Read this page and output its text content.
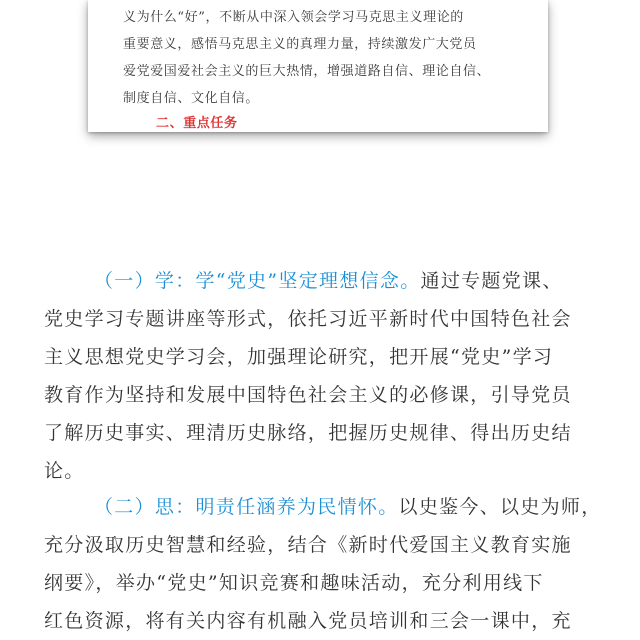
义为什么“好”，不断从中深入领会学习马克思主义理论的
重要意义，感悟马克思主义的真理力量，持续激发广大党员
爱党爱国爱社会主义的巨大热情，增强道路自信、理论自信、
制度自信、文化自信。
二、重点任务
（一）学：学“党史”坚定理想信念。通过专题党课、
党史学习专题讲座等形式，依托习近平新时代中国特色社会
主义思想党史学习会，加强理论研究，把开展“党史”学习
教育作为坚持和发展中国特色社会主义的必修课，引导党员
了解历史事实、理清历史脉络，把握历史规律、得出历史结
论。
（二）思：明责任涵养为民情怀。以史鉴今、以史为师，
充分汲取历史智慧和经验，结合《新时代爱国主义教育实施
纲要》，举办“党史”知识竞赛和趣味活动，充分利用线下
红色资源，将有关内容有机融入党员培训和三会一课中，充
